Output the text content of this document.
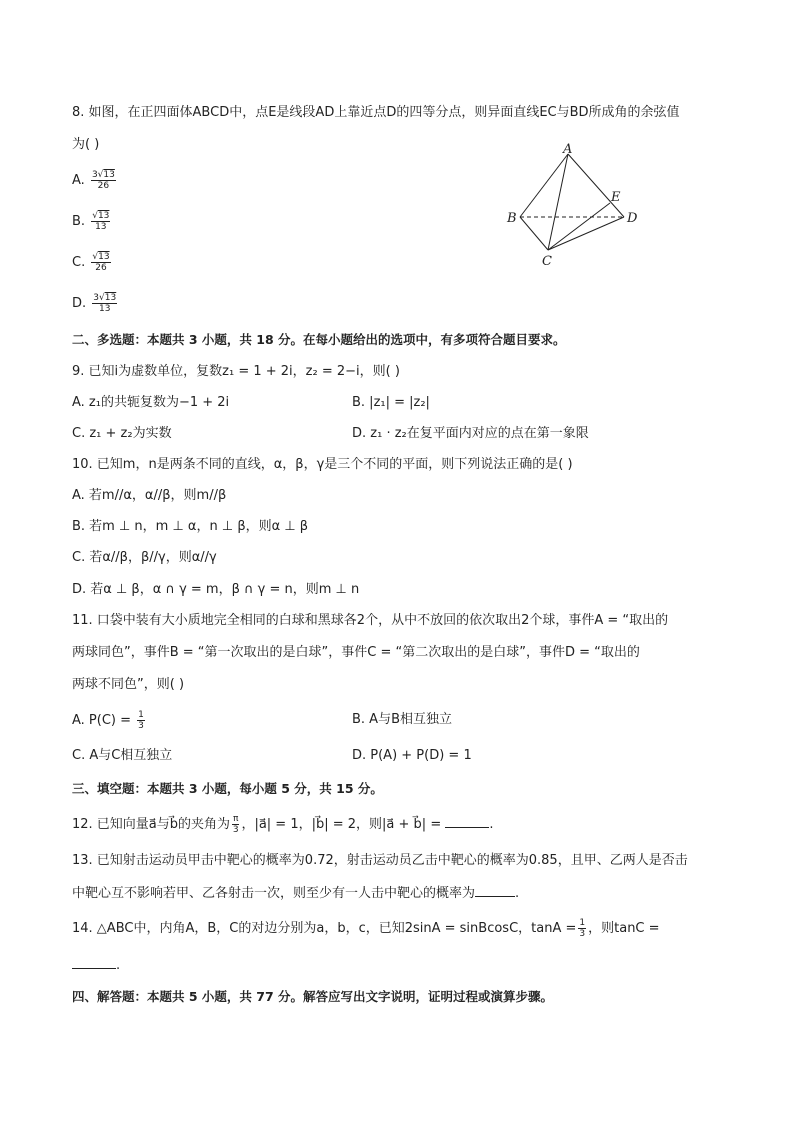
8. 如图，在正四面体ABCD中，点E是线段AD上靠近点D的四等分点，则异面直线EC与BD所成角的余弦值
为( )
A. $\frac{3√13}{26}$
B. $\frac{√13}{13}$
C. $\frac{√13}{26}$
D. $\frac{3√13}{13}$
A
B
C
D
E
二、多选题：本题共 3 小题，共 18 分。在每小题给出的选项中，有多项符合题目要求。
9. 已知i为虚数单位，复数z₁ = 1 + 2i，z₂ = 2−i，则( )
A. z₁的共轭复数为−1 + 2i	B. |z₁| = |z₂|
C. z₁ + z₂为实数	D. z₁ · z₂在复平面内对应的点在第一象限
10. 已知m，n是两条不同的直线，α，β，γ是三个不同的平面，则下列说法正确的是( )
A. 若m//α，α//β，则m//β
B. 若m ⊥ n，m ⊥ α，n ⊥ β，则α ⊥ β
C. 若α//β，β//γ，则α//γ
D. 若α ⊥ β，α ∩ γ = m，β ∩ γ = n，则m ⊥ n
11. 口袋中装有大小质地完全相同的白球和黑球各2个，从中不放回的依次取出2个球，事件A = “取出的
两球同色”，事件B = “第一次取出的是白球”，事件C = “第二次取出的是白球”，事件D = “取出的
两球不同色”，则( )
A. $P(C) = \frac{1}{3}$	B. A与B相互独立
C. A与C相互独立	D. P(A) + P(D) = 1
三、填空题：本题共 3 小题，每小题 5 分，共 15 分。
12. 已知向量a⃗与b⃗的夹角为 $\frac{\pi}{3}$ ，|a⃗| = 1，|b⃗| = 2，则|a⃗ + b⃗| =	.
13. 已知射击运动员甲击中靶心的概率为0.72，射击运动员乙击中靶心的概率为0.85，且甲、乙两人是否击
中靶心互不影响若甲、乙各射击一次，则至少有一人击中靶心的概率为	.
14. △ABC中，内角A，B，C的对边分别为a，b，c，已知2sinA = sinBcosC，$\tan A = \frac{1}{3}$ ，则tanC =
.
四、解答题：本题共 5 小题，共 77 分。解答应写出文字说明，证明过程或演算步骤。
